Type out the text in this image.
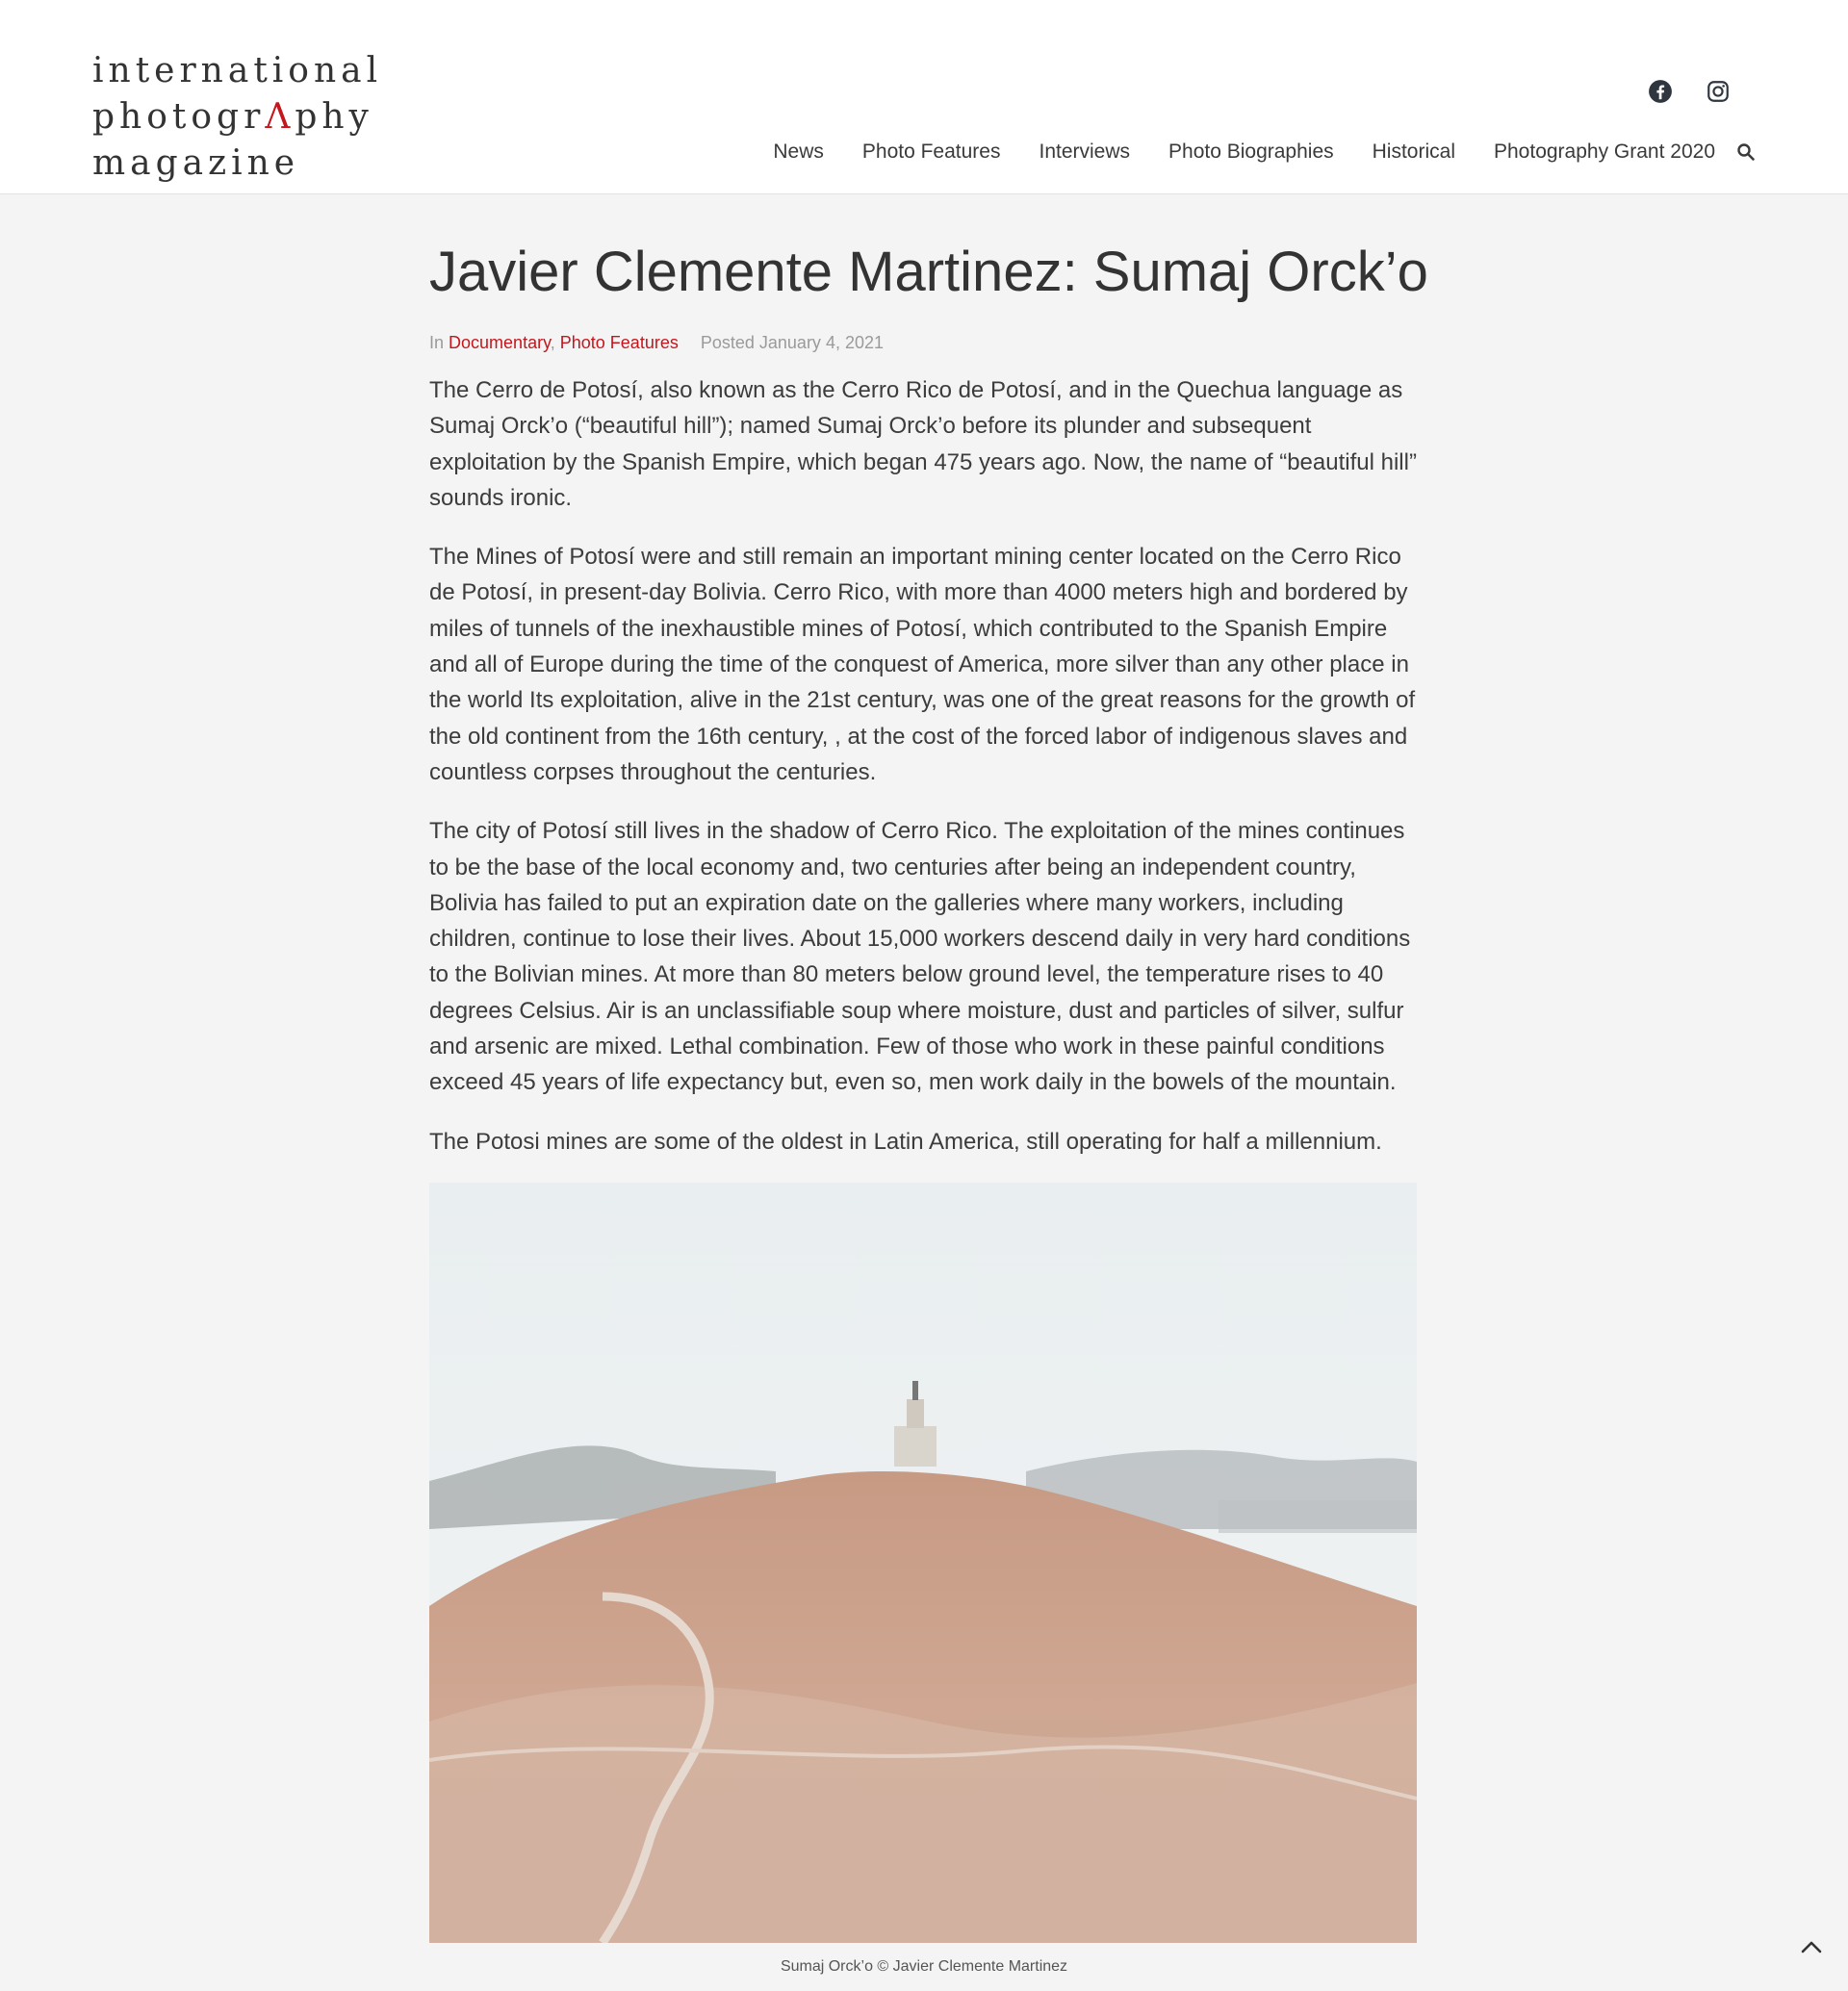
international
photogrΛphy
magazine	News Photo Features Interviews Photo Biographies Historical Photography Grant 2020
Javier Clemente Martinez: Sumaj Orck’o
In Documentary, Photo Features Posted January 4, 2021

The Cerro de Potosí, also known as the Cerro Rico de Potosí, and in the Quechua language as Sumaj Orck’o (“beautiful hill”); named Sumaj Orck’o before its plunder and subsequent exploitation by the Spanish Empire, which began 475 years ago. Now, the name of “beautiful hill” sounds ironic.

The Mines of Potosí were and still remain an important mining center located on the Cerro Rico de Potosí, in present-day Bolivia. Cerro Rico, with more than 4000 meters high and bordered by miles of tunnels of the inexhaustible mines of Potosí, which contributed to the Spanish Empire and all of Europe during the time of the conquest of America, more silver than any other place in the world Its exploitation, alive in the 21st century, was one of the great reasons for the growth of the old continent from the 16th century, , at the cost of the forced labor of indigenous slaves and countless corpses throughout the centuries.

The city of Potosí still lives in the shadow of Cerro Rico. The exploitation of the mines continues to be the base of the local economy and, two centuries after being an independent country, Bolivia has failed to put an expiration date on the galleries where many workers, including children, continue to lose their lives. About 15,000 workers descend daily in very hard conditions to the Bolivian mines. At more than 80 meters below ground level, the temperature rises to 40 degrees Celsius. Air is an unclassifiable soup where moisture, dust and particles of silver, sulfur and arsenic are mixed. Lethal combination. Few of those who work in these painful conditions exceed 45 years of life expectancy but, even so, men work daily in the bowels of the mountain.

The Potosi mines are some of the oldest in Latin America, still operating for half a millennium.

Sumaj Orck’o © Javier Clemente Martinez
